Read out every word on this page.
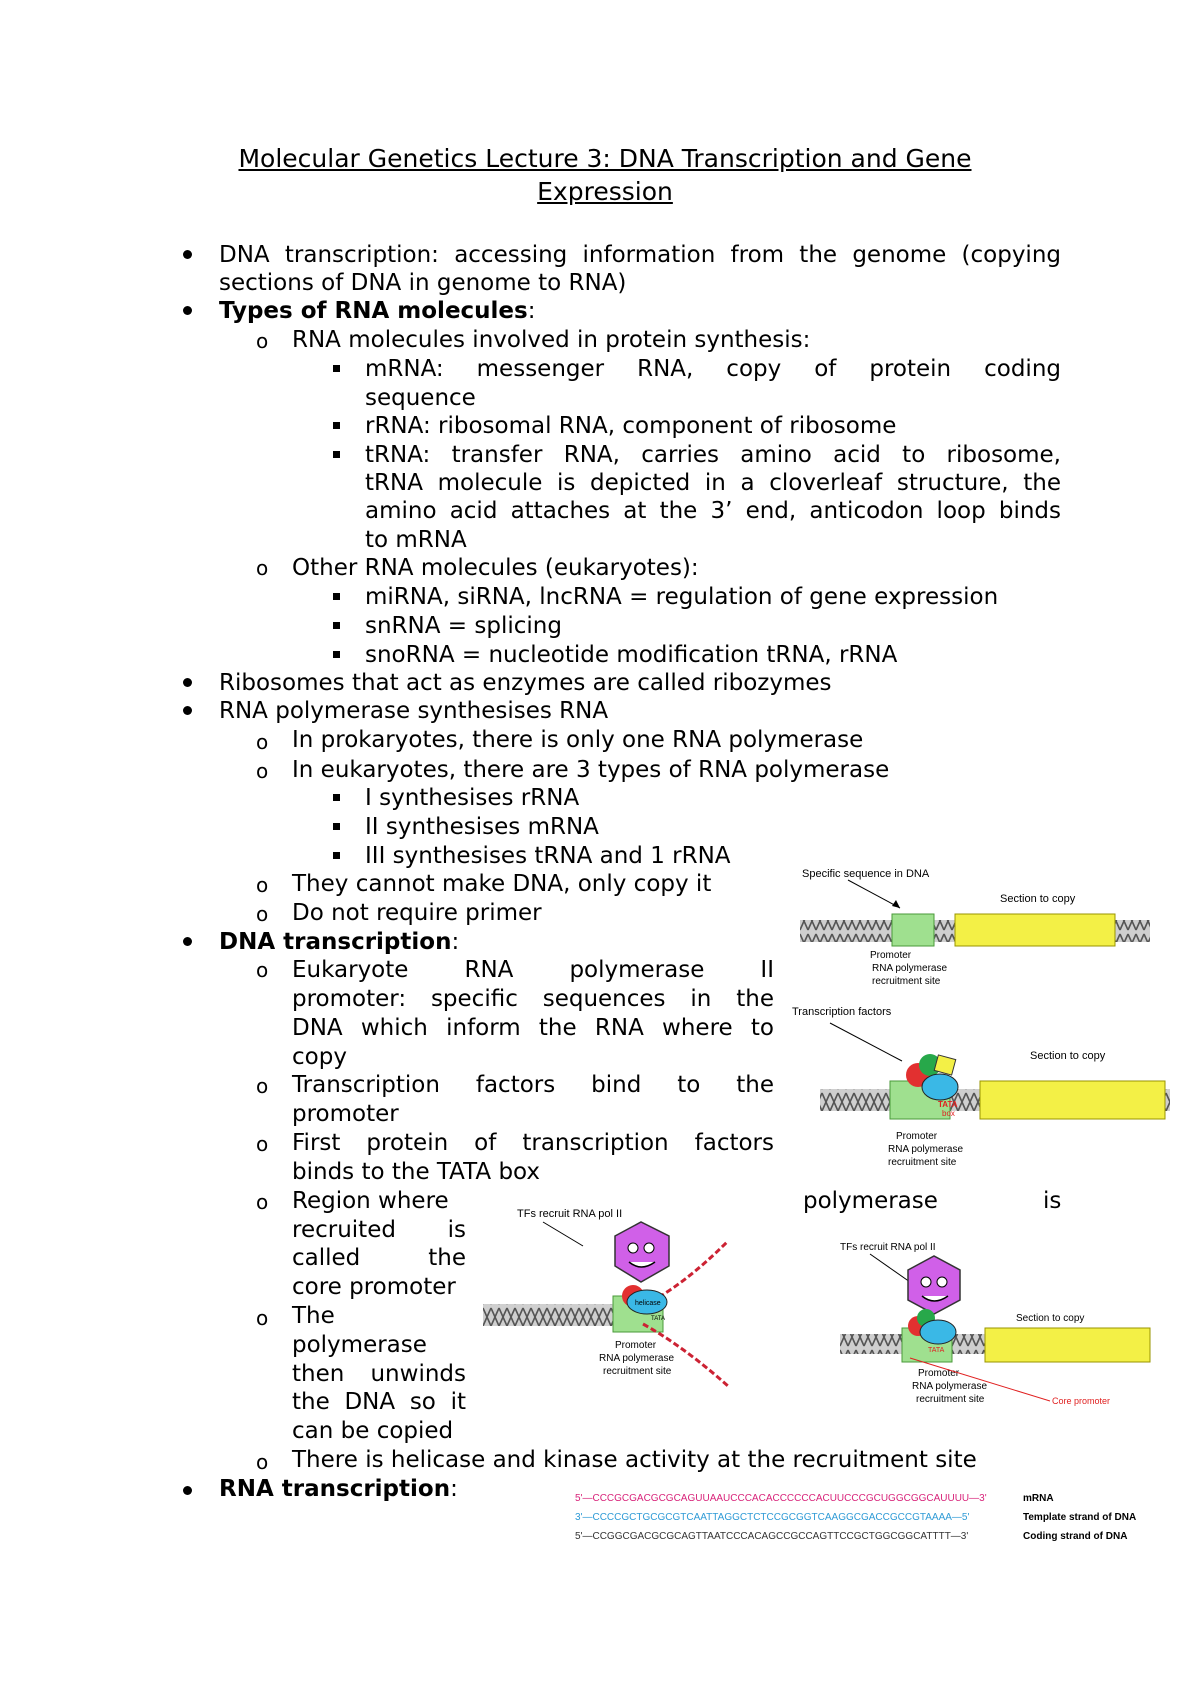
Molecular Genetics Lecture 3: DNA Transcription and Gene
Expression
o
o
o
o
o
o
o
o
o
o
o
o
DNA transcription: accessing information from the genome (copying
sections of DNA in genome to RNA)
Types of RNA molecules:
RNA molecules involved in protein synthesis:
mRNA: messenger RNA, copy of protein coding
sequence
rRNA: ribosomal RNA, component of ribosome
tRNA: transfer RNA, carries amino acid to ribosome,
tRNA molecule is depicted in a cloverleaf structure, the
amino acid attaches at the 3’ end, anticodon loop binds
to mRNA
Other RNA molecules (eukaryotes):
miRNA, siRNA, lncRNA = regulation of gene expression
snRNA = splicing
snoRNA = nucleotide modification tRNA, rRNA
Ribosomes that act as enzymes are called ribozymes
RNA polymerase synthesises RNA
In prokaryotes, there is only one RNA polymerase
In eukaryotes, there are 3 types of RNA polymerase
I synthesises rRNA
II synthesises mRNA
III synthesises tRNA and 1 rRNA
They cannot make DNA, only copy it
Do not require primer
DNA transcription:
Eukaryote RNA polymerase II
promoter: specific sequences in the
DNA which inform the RNA where to
copy
Transcription factors bind to the
promoter
First protein of transcription factors
binds to the TATA box
Region where	polymerase	is
recruited is
called the
core promoter
The
polymerase
then unwinds
the DNA so it
can be copied
There is helicase and kinase activity at the recruitment site
RNA transcription:
Specific sequence in DNA
Section to copy
Promoter
RNA polymerase
recruitment site
Transcription factors
Section to copy
TATA
box
Promoter
RNA polymerase
recruitment site
TFs recruit RNA pol II
helicase
TATA
Promoter
RNA polymerase
recruitment site
TFs recruit RNA pol II
Section to copy
TATA
Promoter
RNA polymerase
recruitment site	Core promoter
5'—CCCGCGACGCGCAGUUAAUCCCACACCCCCCACUUCCCGCUGGCGGCAUUUU—3'	mRNA
3'—CCCCGCTGCGCGTCAATTAGGCTCTCCGCGGTCAAGGCGACCGCCGTAAAA—5'	Template strand of DNA
5'—CCGGCGACGCGCAGTTAATCCCACAGCCGCCAGTTCCGCTGGCGGCATTTT—3'	Coding strand of DNA
